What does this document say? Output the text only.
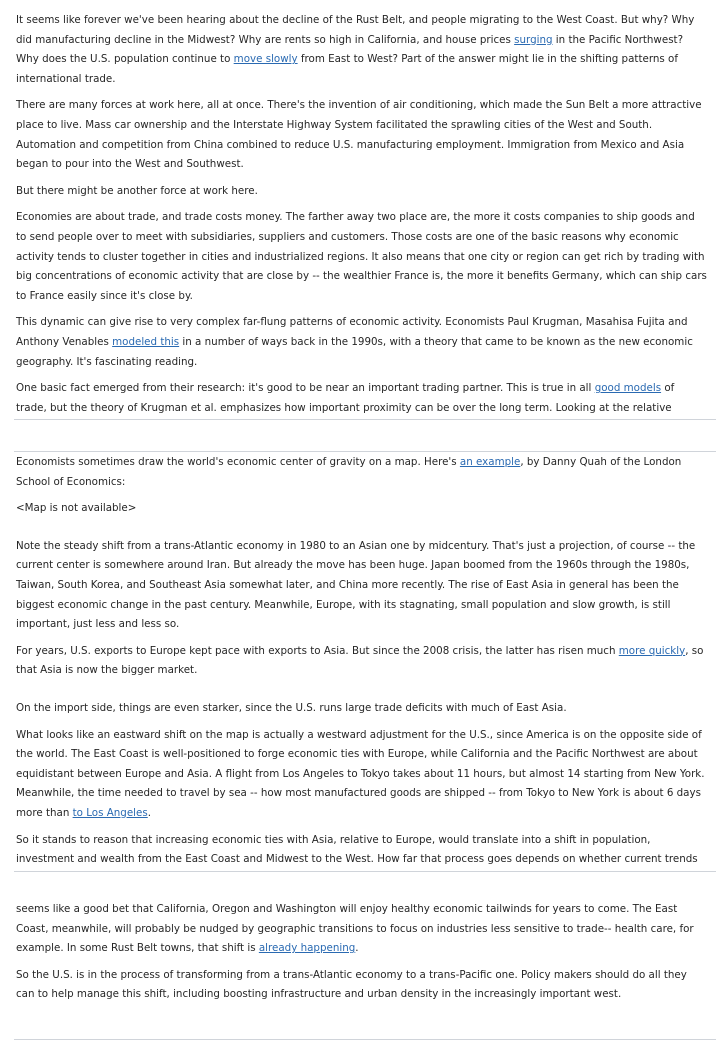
It seems like forever we've been hearing about the decline of the Rust Belt, and people migrating to the West Coast. But why? Why did manufacturing decline in the Midwest? Why are rents so high in California, and house prices surging in the Pacific Northwest? Why does the U.S. population continue to move slowly from East to West? Part of the answer might lie in the shifting patterns of international trade.

There are many forces at work here, all at once. There's the invention of air conditioning, which made the Sun Belt a more attractive place to live. Mass car ownership and the Interstate Highway System facilitated the sprawling cities of the West and South. Automation and competition from China combined to reduce U.S. manufacturing employment. Immigration from Mexico and Asia began to pour into the West and Southwest.

But there might be another force at work here.

Economies are about trade, and trade costs money. The farther away two place are, the more it costs companies to ship goods and to send people over to meet with subsidiaries, suppliers and customers. Those costs are one of the basic reasons why economic activity tends to cluster together in cities and industrialized regions. It also means that one city or region can get rich by trading with big concentrations of economic activity that are close by -- the wealthier France is, the more it benefits Germany, which can ship cars to France easily since it's close by.

This dynamic can give rise to very complex far-flung patterns of economic activity. Economists Paul Krugman, Masahisa Fujita and Anthony Venables modeled this in a number of ways back in the 1990s, with a theory that came to be known as the new economic geography. It's fascinating reading.

One basic fact emerged from their research: it's good to be near an important trading partner. This is true in all good models of trade, but the theory of Krugman et al. emphasizes how important proximity can be over the long term. Looking at the relative

Economists sometimes draw the world's economic center of gravity on a map. Here's an example, by Danny Quah of the London School of Economics:

<Map is not available>

Note the steady shift from a trans-Atlantic economy in 1980 to an Asian one by midcentury. That's just a projection, of course -- the current center is somewhere around Iran. But already the move has been huge. Japan boomed from the 1960s through the 1980s, Taiwan, South Korea, and Southeast Asia somewhat later, and China more recently. The rise of East Asia in general has been the biggest economic change in the past century. Meanwhile, Europe, with its stagnating, small population and slow growth, is still important, just less and less so.

For years, U.S. exports to Europe kept pace with exports to Asia. But since the 2008 crisis, the latter has risen much more quickly, so that Asia is now the bigger market.

On the import side, things are even starker, since the U.S. runs large trade deficits with much of East Asia.

What looks like an eastward shift on the map is actually a westward adjustment for the U.S., since America is on the opposite side of the world. The East Coast is well-positioned to forge economic ties with Europe, while California and the Pacific Northwest are about equidistant between Europe and Asia. A flight from Los Angeles to Tokyo takes about 11 hours, but almost 14 starting from New York. Meanwhile, the time needed to travel by sea -- how most manufactured goods are shipped -- from Tokyo to New York is about 6 days more than to Los Angeles.

So it stands to reason that increasing economic ties with Asia, relative to Europe, would translate into a shift in population, investment and wealth from the East Coast and Midwest to the West. How far that process goes depends on whether current trends

seems like a good bet that California, Oregon and Washington will enjoy healthy economic tailwinds for years to come. The East Coast, meanwhile, will probably be nudged by geographic transitions to focus on industries less sensitive to trade-- health care, for example. In some Rust Belt towns, that shift is already happening.

So the U.S. is in the process of transforming from a trans-Atlantic economy to a trans-Pacific one. Policy makers should do all they can to help manage this shift, including boosting infrastructure and urban density in the increasingly important west.
